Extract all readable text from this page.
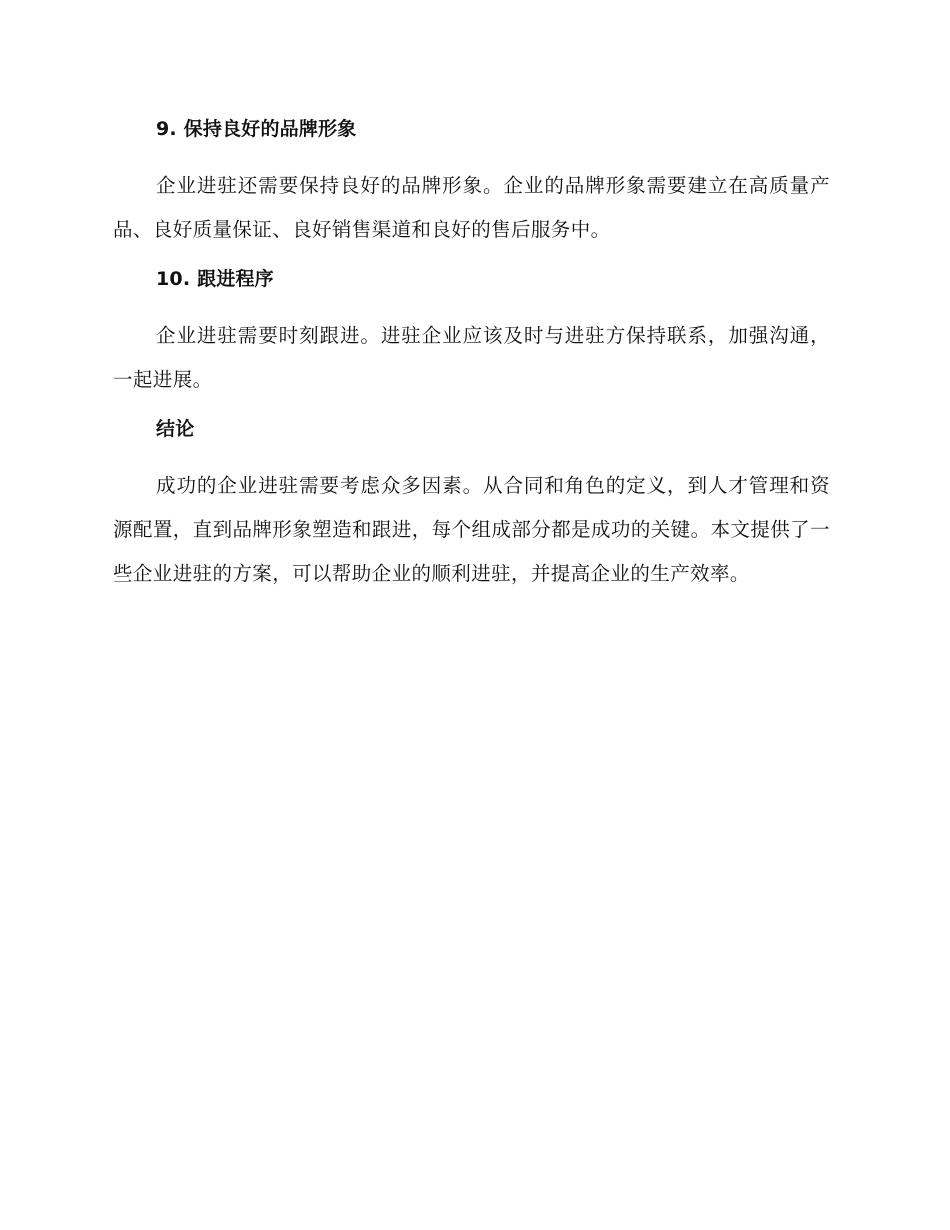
9. 保持良好的品牌形象

企业进驻还需要保持良好的品牌形象。企业的品牌形象需要建立在高质量产品、良好质量保证、良好销售渠道和良好的售后服务中。

10. 跟进程序

企业进驻需要时刻跟进。进驻企业应该及时与进驻方保持联系，加强沟通，一起进展。

结论

成功的企业进驻需要考虑众多因素。从合同和角色的定义，到人才管理和资源配置，直到品牌形象塑造和跟进，每个组成部分都是成功的关键。本文提供了一些企业进驻的方案，可以帮助企业的顺利进驻，并提高企业的生产效率。
